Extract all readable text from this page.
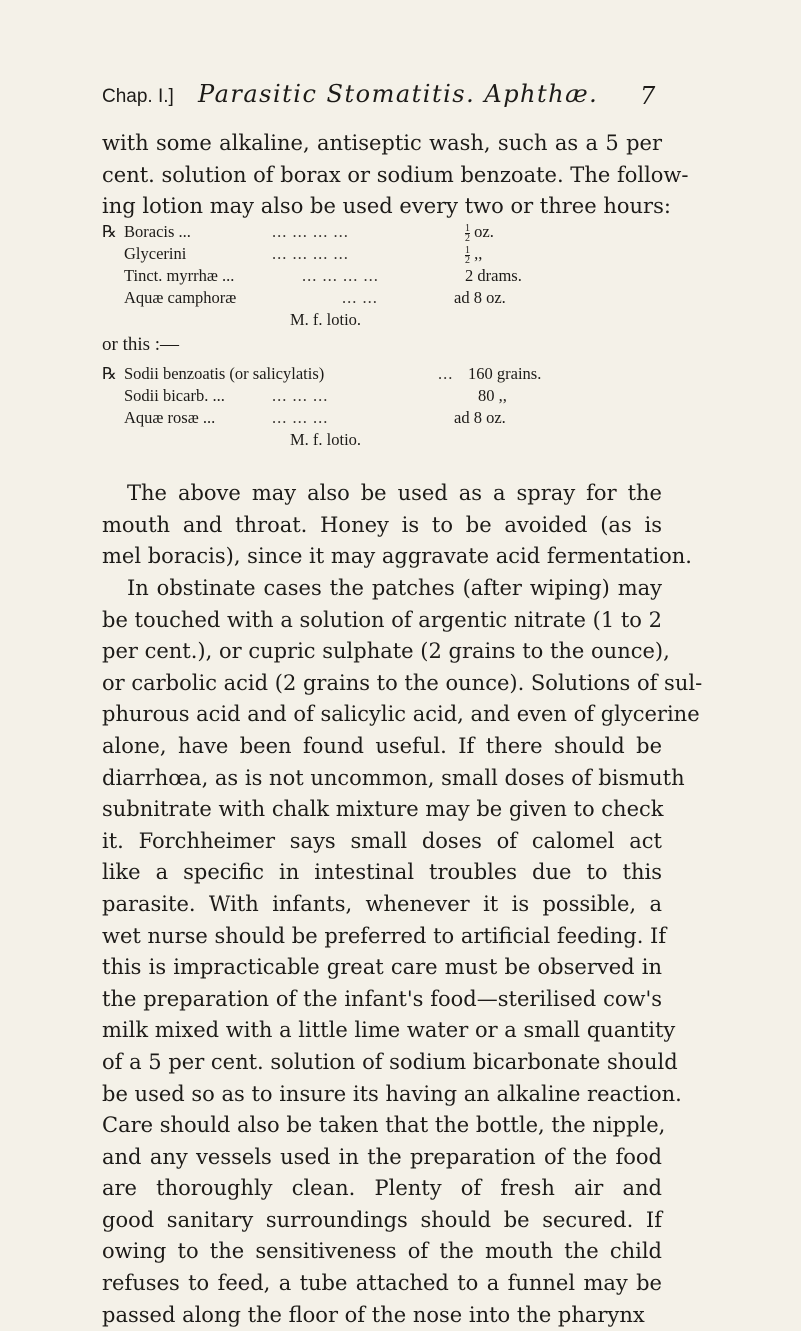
Chap. I.] Parasitic Stomatitis. Aphthæ. 7

with some alkaline, antiseptic wash, such as a 5 per

cent. solution of borax or sodium benzoate. The follow-

ing lotion may also be used every two or three hours:

℞ Boracis ...	... ... ... ...	$\frac{1}{2}$ oz.
Glycerini	... ... ... ...	$\frac{1}{2}$ ,,
Tinct. myrrhæ ...	... ... ... ...	2 drams.
Aquæ camphoræ	... ...	ad 8 oz.
M. f. lotio.
or this :—
℞ Sodii benzoatis (or salicylatis)	... 160 grains.
Sodii bicarb. ...	... ... ...	80 ,,
Aquæ rosæ ...	... ... ...	ad 8 oz.
M. f. lotio.

The above may also be used as a spray for the

mouth and throat. Honey is to be avoided (as is

mel boracis), since it may aggravate acid fermentation.

In obstinate cases the patches (after wiping) may

be touched with a solution of argentic nitrate (1 to 2

per cent.), or cupric sulphate (2 grains to the ounce),

or carbolic acid (2 grains to the ounce). Solutions of sul-

phurous acid and of salicylic acid, and even of glycerine

alone, have been found useful. If there should be

diarrhœa, as is not uncommon, small doses of bismuth

subnitrate with chalk mixture may be given to check

it. Forchheimer says small doses of calomel act

like a specific in intestinal troubles due to this

parasite. With infants, whenever it is possible, a

wet nurse should be preferred to artificial feeding. If

this is impracticable great care must be observed in

the preparation of the infant's food—sterilised cow's

milk mixed with a little lime water or a small quantity

of a 5 per cent. solution of sodium bicarbonate should

be used so as to insure its having an alkaline reaction.

Care should also be taken that the bottle, the nipple,

and any vessels used in the preparation of the food

are thoroughly clean. Plenty of fresh air and

good sanitary surroundings should be secured. If

owing to the sensitiveness of the mouth the child

refuses to feed, a tube attached to a funnel may be

passed along the floor of the nose into the pharynx
